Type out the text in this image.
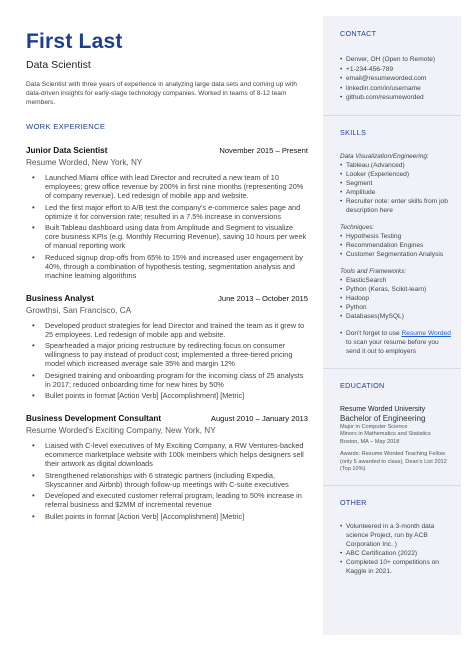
First Last
Data Scientist
Data Scientist with three years of experience in analyzing large data sets and coming up with data-driven insights for early-stage technology companies. Worked in teams of 8-12 team members.
WORK EXPERIENCE
Junior Data Scientist	November 2015 – Present
Resume Worded, New York, NY
• Launched Miami office with lead Director and recruited a new team of 10 employees; grew office revenue by 200% in first nine months (representing 20% of company revenue). Led redesign of mobile app and website.
• Led the first major effort to A/B test the company's e-commerce sales page and optimize it for conversion rate; resulted in a 7.5% increase in conversions
• Built Tableau dashboard using data from Amplitude and Segment to visualize core business KPIs (e.g. Monthly Recurring Revenue), saving 10 hours per week of manual reporting work
• Reduced signup drop-offs from 65% to 15% and increased user engagement by 40%, through a combination of hypothesis testing, segmentation analysis and machine learning algorithms
Business Analyst	June 2013 – October 2015
Growthsi, San Francisco, CA
• Developed product strategies for lead Director and trained the team as it grew to 25 employees. Led redesign of mobile app and website.
• Spearheaded a major pricing restructure by redirecting focus on consumer willingness to pay instead of product cost; implemented a three-tiered pricing model which increased average sale 35% and margin 12%
• Designed training and onboarding program for the incoming class of 25 analysts in 2017; reduced onboarding time for new hires by 50%
• Bullet points in format [Action Verb] [Accomplishment] [Metric]
Business Development Consultant	August 2010 – January 2013
Resume Worded's Exciting Company, New York, NY
• Liaised with C-level executives of My Exciting Company, a RW Ventures-backed ecommerce marketplace website with 100k members which helps designers sell their artwork as digital downloads
• Strengthened relationships with 6 strategic partners (including Expedia, Skyscanner and Airbnb) through follow-up meetings with C-suite executives
• Developed and executed customer referral program, leading to 50% increase in referral business and $2MM of incremental revenue
• Bullet points in format [Action Verb] [Accomplishment] [Metric]
CONTACT
• Denver, OH (Open to Remote)
• +1-234-456-789
• email@resumeworded.com
• linkedin.com/in/username
• github.com/resumeworded
SKILLS
Data Visualization/Engineering:
• Tableau (Advanced)
• Looker (Experienced)
• Segment
• Amplitude
• Recruiter note: enter skills from job description here
Techniques:
• Hypothesis Testing
• Recommendation Engines
• Customer Segmentation Analysis
Tools and Frameworks:
• ElasticSearch
• Python (Keras, Scikit-learn)
• Hadoop
• Python
• Databases(MySQL)
• Don't forget to use Resume Worded to scan your resume before you send it out to employers
EDUCATION
Resume Worded University
Bachelor of Engineering
Major in Computer Science
Minors in Mathematics and Statistics
Boston, MA – May 2018
Awards: Resume Worded Teaching Fellow (only 5 awarded to class), Dean's List 2012 (Top 10%)
OTHER
• Volunteered in a 3-month data science Project, run by ACB Corporation Inc. )
• ABC Certification (2022)
• Completed 10+ competitions on Kaggle in 2021.
